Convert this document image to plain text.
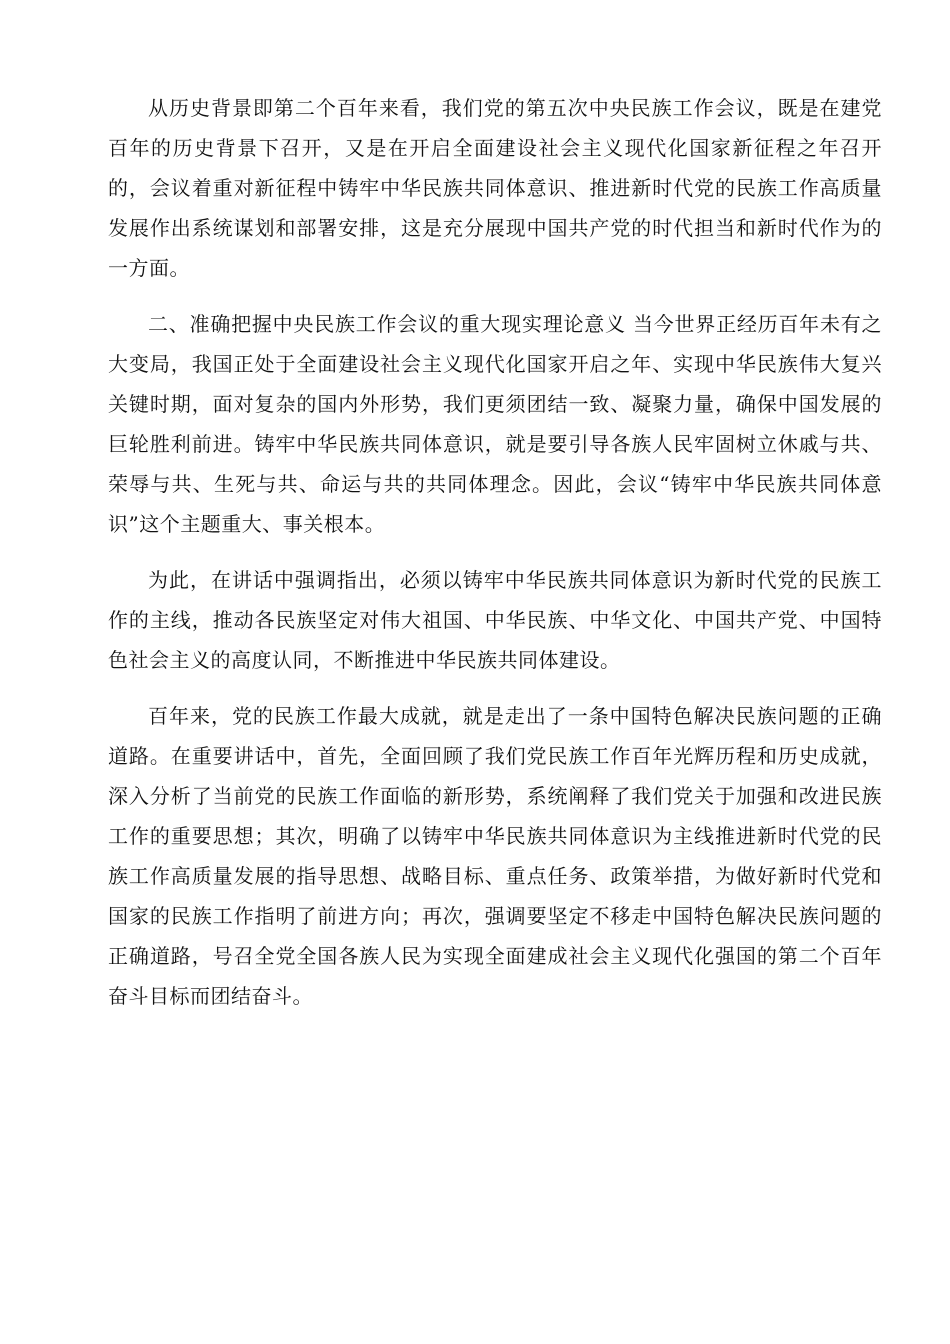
从历史背景即第二个百年来看，我们党的第五次中央民族工作会议，既是在建党百年的历史背景下召开，又是在开启全面建设社会主义现代化国家新征程之年召开的，会议着重对新征程中铸牢中华民族共同体意识、推进新时代党的民族工作高质量发展作出系统谋划和部署安排，这是充分展现中国共产党的时代担当和新时代作为的一方面。

二、准确把握中央民族工作会议的重大现实理论意义 当今世界正经历百年未有之大变局，我国正处于全面建设社会主义现代化国家开启之年、实现中华民族伟大复兴关键时期，面对复杂的国内外形势，我们更须团结一致、凝聚力量，确保中国发展的巨轮胜利前进。铸牢中华民族共同体意识，就是要引导各族人民牢固树立休戚与共、荣辱与共、生死与共、命运与共的共同体理念。因此，会议“铸牢中华民族共同体意识”这个主题重大、事关根本。

为此，在讲话中强调指出，必须以铸牢中华民族共同体意识为新时代党的民族工作的主线，推动各民族坚定对伟大祖国、中华民族、中华文化、中国共产党、中国特色社会主义的高度认同，不断推进中华民族共同体建设。

百年来，党的民族工作最大成就，就是走出了一条中国特色解决民族问题的正确道路。在重要讲话中，首先，全面回顾了我们党民族工作百年光辉历程和历史成就，深入分析了当前党的民族工作面临的新形势，系统阐释了我们党关于加强和改进民族工作的重要思想；其次，明确了以铸牢中华民族共同体意识为主线推进新时代党的民族工作高质量发展的指导思想、战略目标、重点任务、政策举措，为做好新时代党和国家的民族工作指明了前进方向；再次，强调要坚定不移走中国特色解决民族问题的正确道路，号召全党全国各族人民为实现全面建成社会主义现代化强国的第二个百年奋斗目标而团结奋斗。
